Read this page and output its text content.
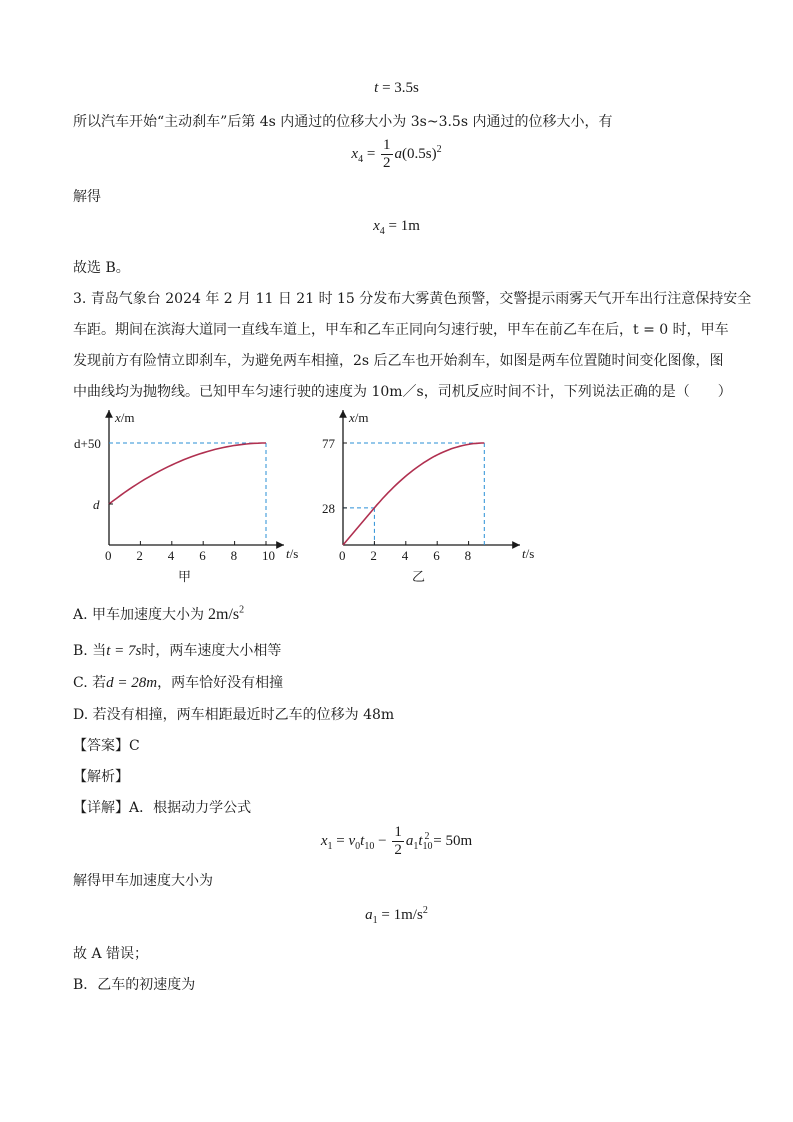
t = 3.5s
所以汽车开始“主动刹车”后第 4s 内通过的位移大小为 3s~3.5s 内通过的位移大小，有
$x_4 = \frac{1}{2} a(0.5s)^2$
解得
$x_4 = 1m$
故选 B。
3. 青岛气象台 2024 年 2 月 11 日 21 时 15 分发布大雾黄色预警，交警提示雨雾天气开车出行注意保持安全
车距。期间在滨海大道同一直线车道上，甲车和乙车正同向匀速行驶，甲车在前乙车在后，t = 0 时，甲车
发现前方有险情立即刹车，为避免两车相撞，2s 后乙车也开始刹车，如图是两车位置随时间变化图像，图
中曲线均为抛物线。已知甲车匀速行驶的速度为 10m／s，司机反应时间不计，下列说法正确的是（　　）
x/m
t/s
d+50
d
0 2 4 6 8 10
甲
x/m
t/s
28
77
0 2 4 6 8
乙
A. 甲车加速度大小为 $2m/s^2$
B. 当t = 7s时，两车速度大小相等
C. 若d = 28m，两车恰好没有相撞
D. 若没有相撞，两车相距最近时乙车的位移为 48m
【答案】C
【解析】
【详解】A．根据动力学公式
$x_1 = v_0t_{10} - \frac{1}{2} a_1t_{10}^2 = 50m$
解得甲车加速度大小为
$a_1 = 1m/s^2$
故 A 错误；
B．乙车的初速度为
